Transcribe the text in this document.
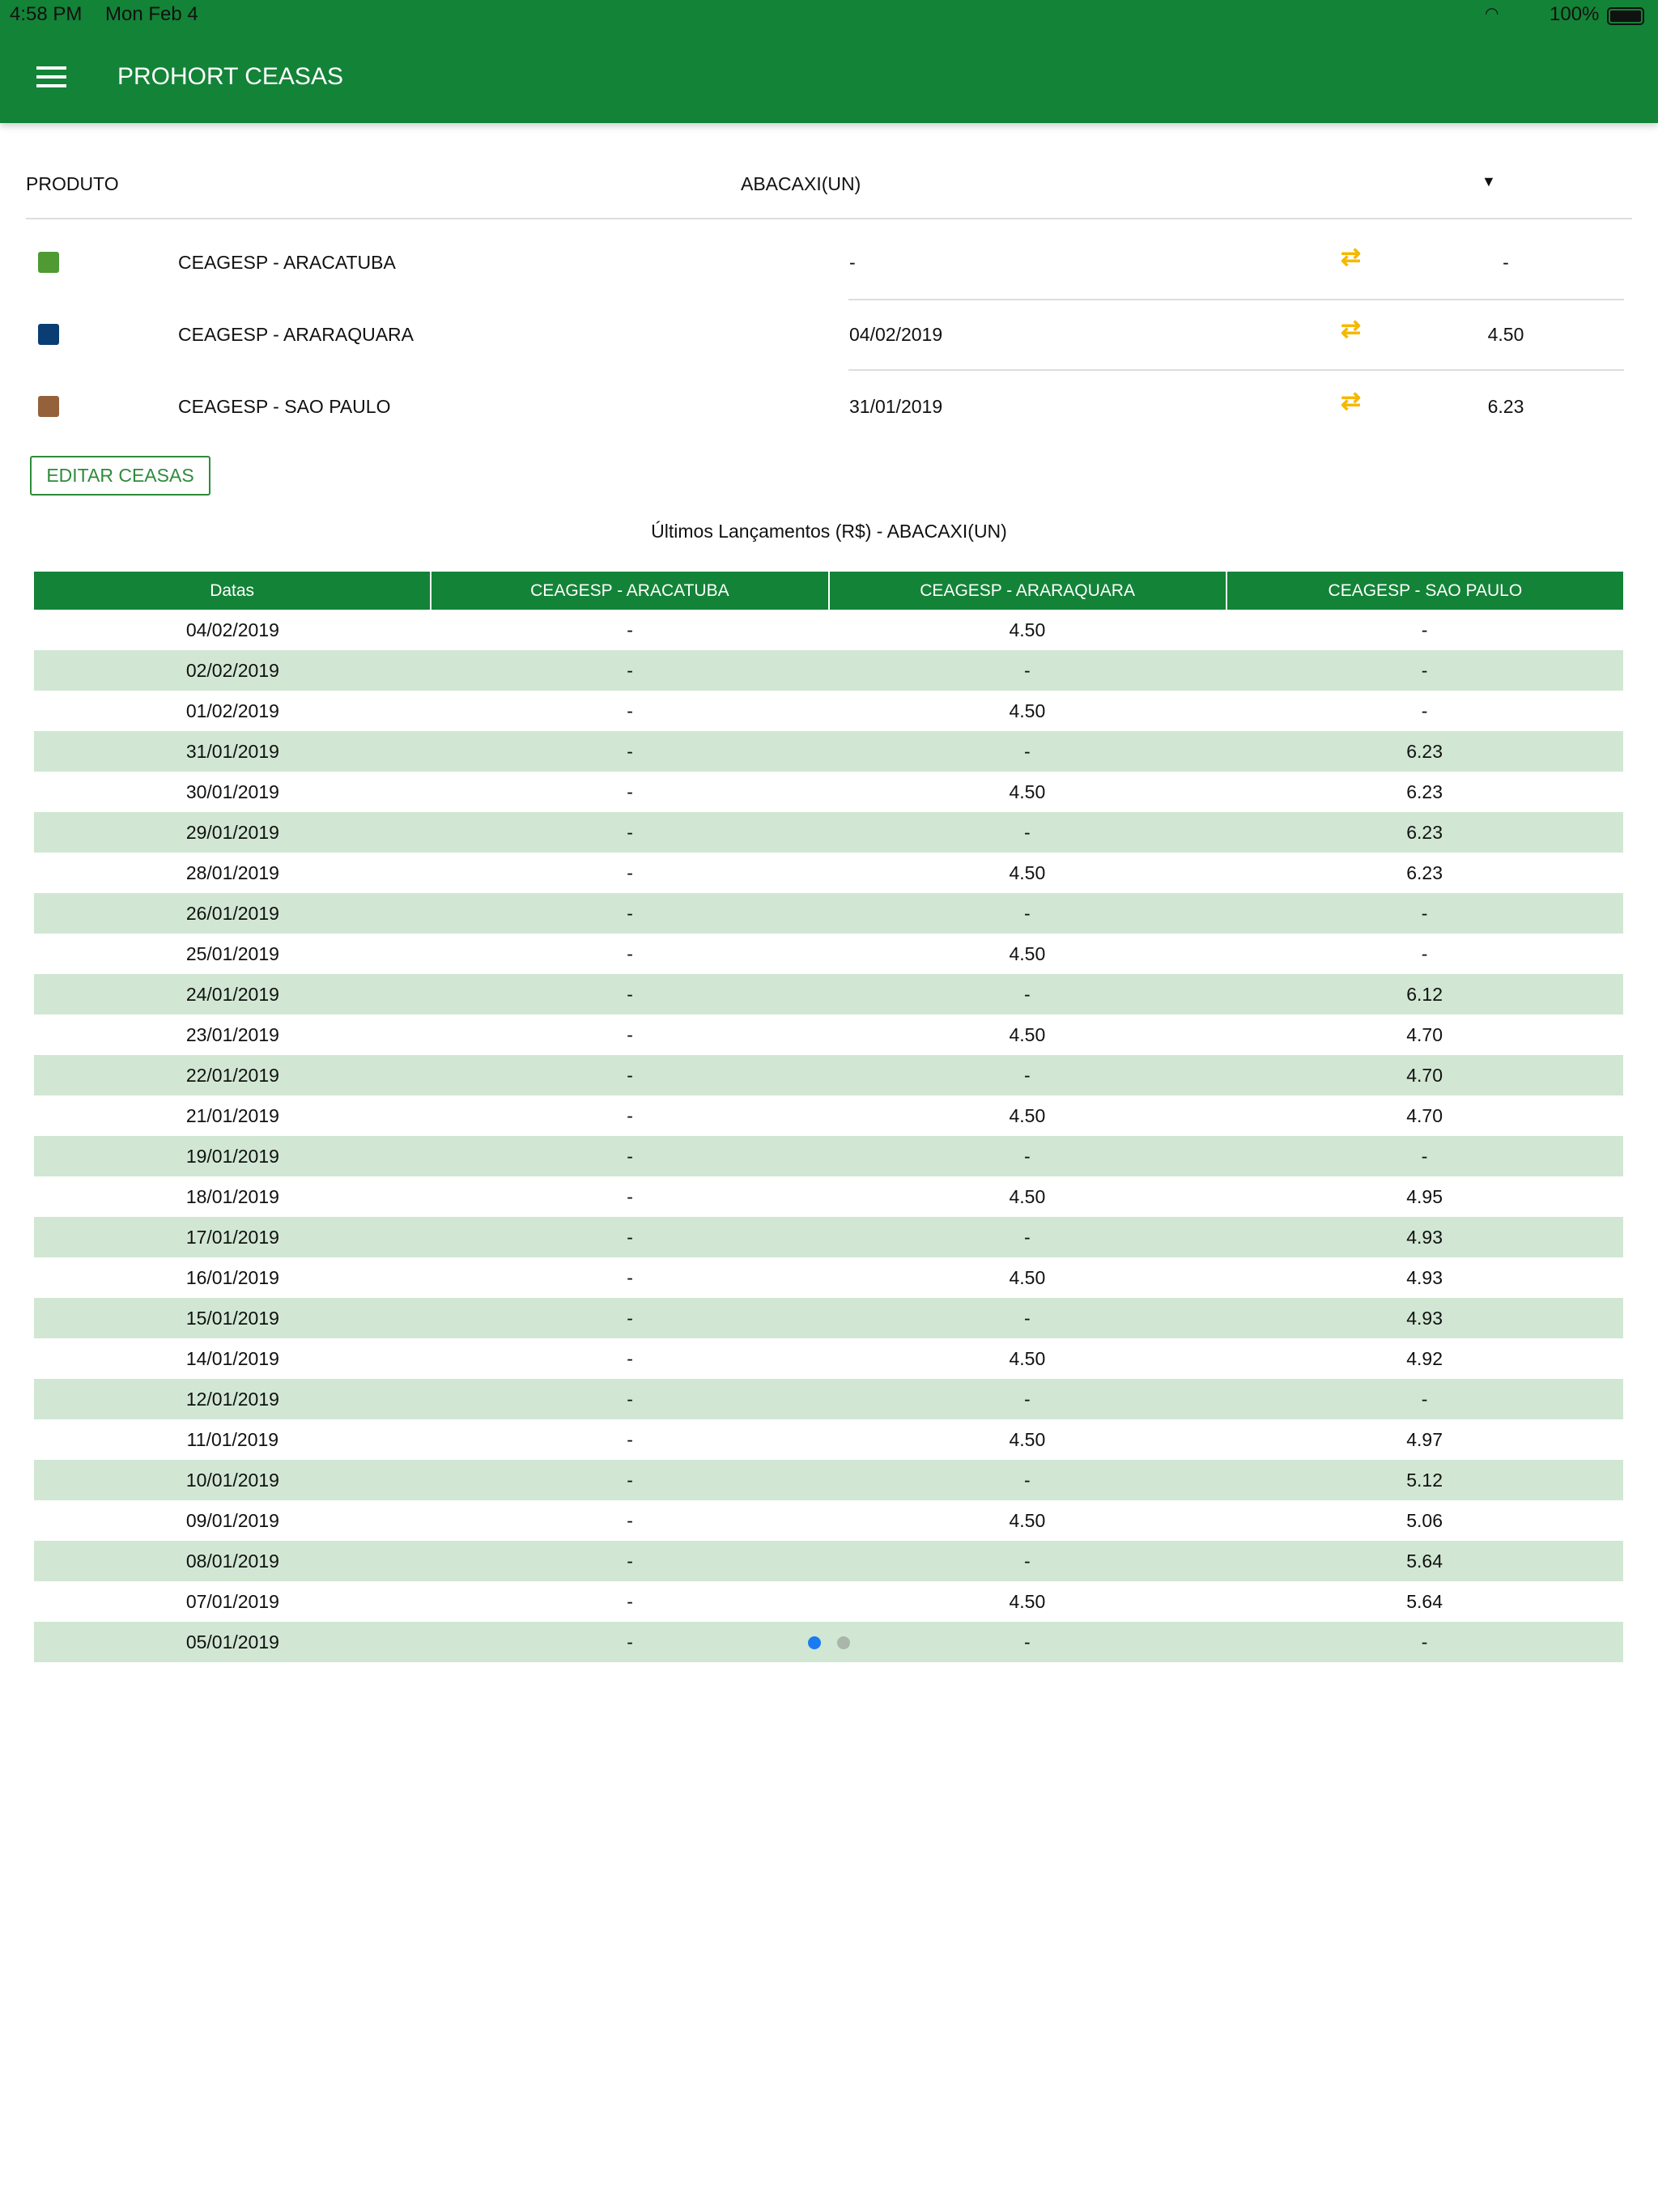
4:58 PM Mon Feb 4	◠	100%
PROHORT CEASAS
PRODUTO	ABACAXI(UN)	▼
CEAGESP - ARACATUBA	-	⇄	-
CEAGESP - ARARAQUARA	04/02/2019	⇄	4.50
CEAGESP - SAO PAULO	31/01/2019	⇄	6.23
EDITAR CEASAS
Últimos Lançamentos (R$) - ABACAXI(UN)
Datas	CEAGESP - ARACATUBA	CEAGESP - ARARAQUARA	CEAGESP - SAO PAULO
04/02/2019	-	4.50	-
02/02/2019	-	-	-
01/02/2019	-	4.50	-
31/01/2019	-	-	6.23
30/01/2019	-	4.50	6.23
29/01/2019	-	-	6.23
28/01/2019	-	4.50	6.23
26/01/2019	-	-	-
25/01/2019	-	4.50	-
24/01/2019	-	-	6.12
23/01/2019	-	4.50	4.70
22/01/2019	-	-	4.70
21/01/2019	-	4.50	4.70
19/01/2019	-	-	-
18/01/2019	-	4.50	4.95
17/01/2019	-	-	4.93
16/01/2019	-	4.50	4.93
15/01/2019	-	-	4.93
14/01/2019	-	4.50	4.92
12/01/2019	-	-	-
11/01/2019	-	4.50	4.97
10/01/2019	-	-	5.12
09/01/2019	-	4.50	5.06
08/01/2019	-	-	5.64
07/01/2019	-	4.50	5.64
05/01/2019	-	-	-
